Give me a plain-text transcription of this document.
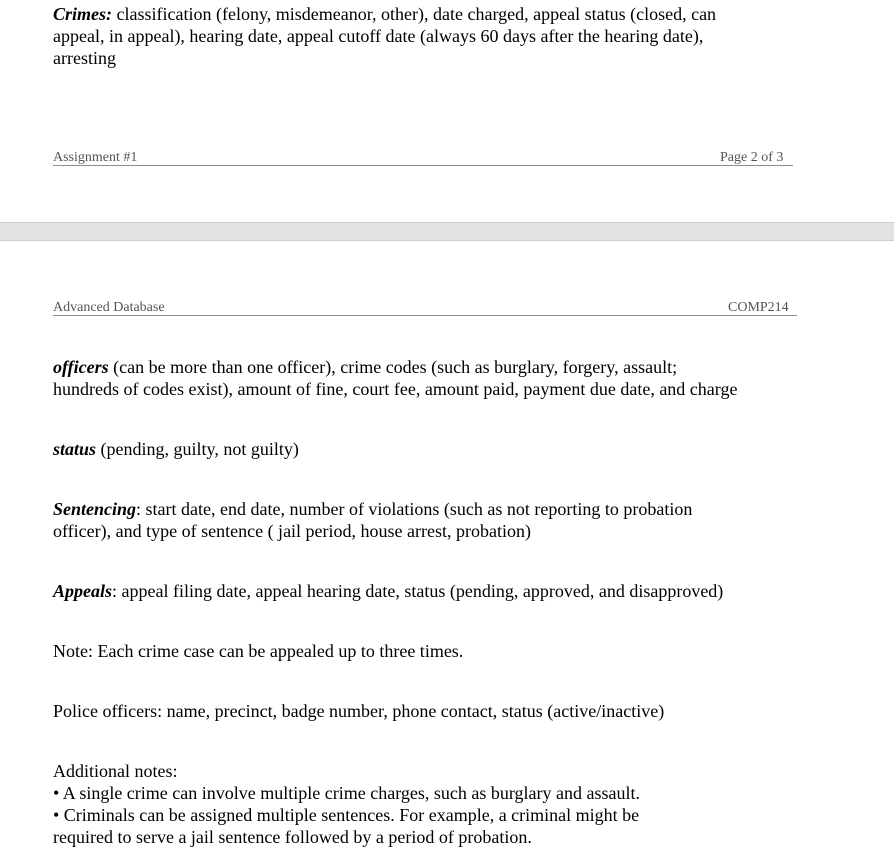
Crimes: classification (felony, misdemeanor, other), date charged, appeal status (closed, can
appeal, in appeal), hearing date, appeal cutoff date (always 60 days after the hearing date),
arresting

Assignment #1	Page 2 of 3
Advanced Database	COMP214

officers (can be more than one officer), crime codes (such as burglary, forgery, assault;
hundreds of codes exist), amount of fine, court fee, amount paid, payment due date, and charge

status (pending, guilty, not guilty)

Sentencing: start date, end date, number of violations (such as not reporting to probation
officer), and type of sentence ( jail period, house arrest, probation)

Appeals: appeal filing date, appeal hearing date, status (pending, approved, and disapproved)

Note: Each crime case can be appealed up to three times.

Police officers: name, precinct, badge number, phone contact, status (active/inactive)

Additional notes:
• A single crime can involve multiple crime charges, such as burglary and assault.
• Criminals can be assigned multiple sentences. For example, a criminal might be
required to serve a jail sentence followed by a period of probation.
